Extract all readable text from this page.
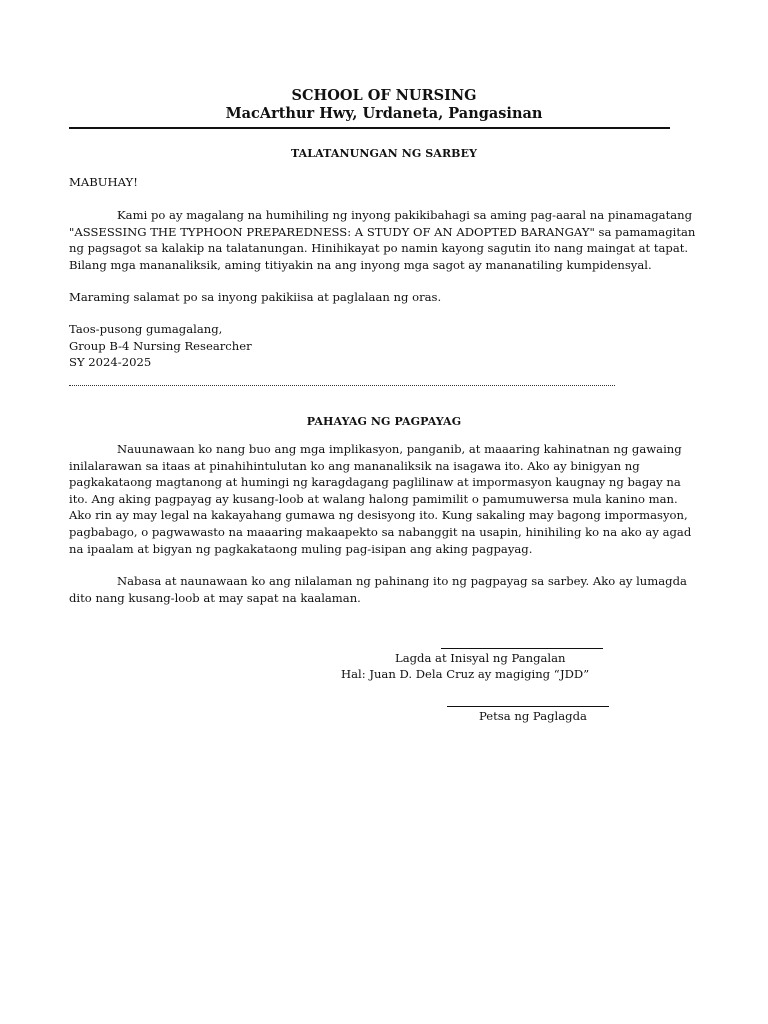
SCHOOL OF NURSING
MacArthur Hwy, Urdaneta, Pangasinan
TALATANUNGAN NG SARBEY
MABUHAY!
Kami po ay magalang na humihiling ng inyong pakikibahagi sa aming pag-aaral na pinamagatang
"ASSESSING THE TYPHOON PREPAREDNESS: A STUDY OF AN ADOPTED BARANGAY" sa pamamagitan
ng pagsagot sa kalakip na talatanungan. Hinihikayat po namin kayong sagutin ito nang maingat at tapat.
Bilang mga mananaliksik, aming titiyakin na ang inyong mga sagot ay mananatiling kumpidensyal.
Maraming salamat po sa inyong pakikiisa at paglalaan ng oras.
Taos-pusong gumagalang,
Group B-4 Nursing Researcher
SY 2024-2025
PAHAYAG NG PAGPAYAG
Nauunawaan ko nang buo ang mga implikasyon, panganib, at maaaring kahinatnan ng gawaing
inilalarawan sa itaas at pinahihintulutan ko ang mananaliksik na isagawa ito. Ako ay binigyan ng
pagkakataong magtanong at humingi ng karagdagang paglilinaw at impormasyon kaugnay ng bagay na
ito. Ang aking pagpayag ay kusang-loob at walang halong pamimilit o pamumuwersa mula kanino man.
Ako rin ay may legal na kakayahang gumawa ng desisyong ito. Kung sakaling may bagong impormasyon,
pagbabago, o pagwawasto na maaaring makaapekto sa nabanggit na usapin, hinihiling ko na ako ay agad
na ipaalam at bigyan ng pagkakataong muling pag-isipan ang aking pagpayag.
Nabasa at naunawaan ko ang nilalaman ng pahinang ito ng pagpayag sa sarbey. Ako ay lumagda
dito nang kusang-loob at may sapat na kaalaman.
Lagda at Inisyal ng Pangalan
Hal: Juan D. Dela Cruz ay magiging “JDD”
Petsa ng Paglagda
